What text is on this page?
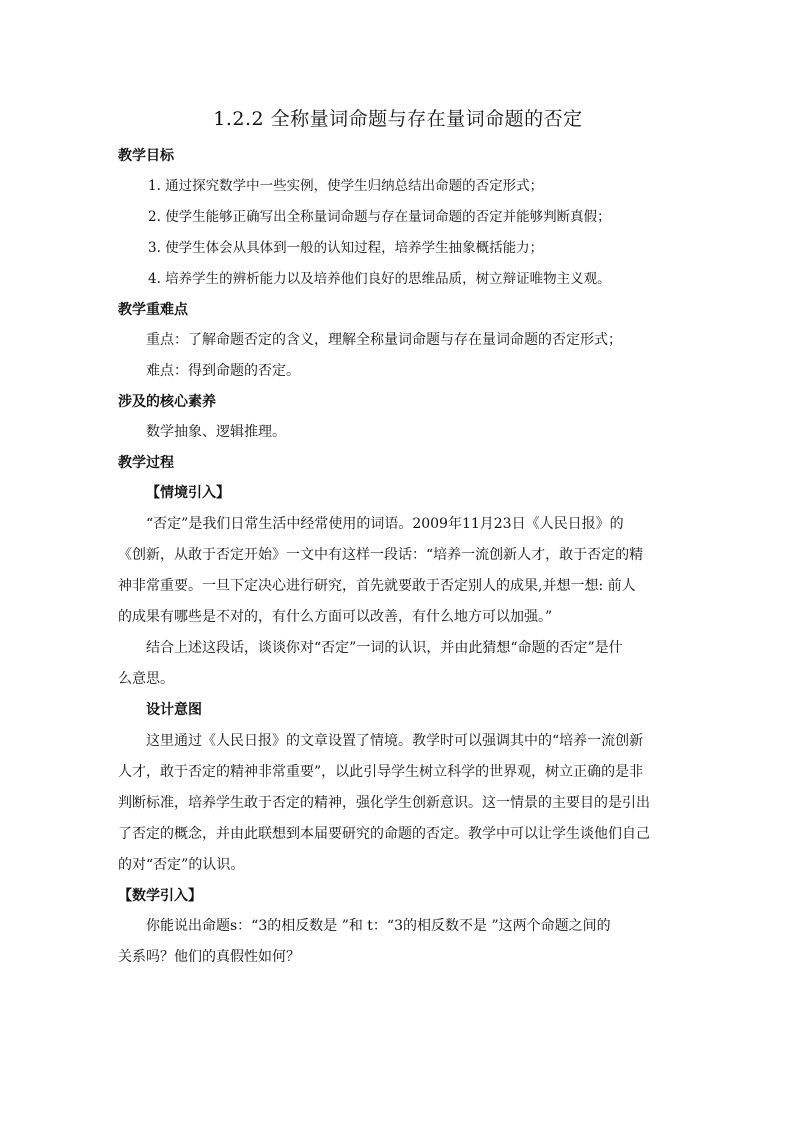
1.2.2 全称量词命题与存在量词命题的否定

教学目标

1. 通过探究数学中一些实例，使学生归纳总结出命题的否定形式；

2. 使学生能够正确写出全称量词命题与存在量词命题的否定并能够判断真假；

3. 使学生体会从具体到一般的认知过程，培养学生抽象概括能力；

4. 培养学生的辨析能力以及培养他们良好的思维品质，树立辩证唯物主义观。

教学重难点

重点：了解命题否定的含义，理解全称量词命题与存在量词命题的否定形式；

难点：得到命题的否定。

涉及的核心素养

数学抽象、逻辑推理。

教学过程

【情境引入】

“否定”是我们日常生活中经常使用的词语。2009年11月23日《人民日报》的

《创新，从敢于否定开始》一文中有这样一段话：“培养一流创新人才，敢于否定的精

神非常重要。一旦下定决心进行研究，首先就要敢于否定别人的成果,并想一想: 前人

的成果有哪些是不对的，有什么方面可以改善，有什么地方可以加强。”

结合上述这段话，谈谈你对“否定”一词的认识，并由此猜想“命题的否定”是什

么意思。

设计意图

这里通过《人民日报》的文章设置了情境。教学时可以强调其中的“培养一流创新

人才，敢于否定的精神非常重要”，以此引导学生树立科学的世界观，树立正确的是非

判断标准，培养学生敢于否定的精神，强化学生创新意识。这一情景的主要目的是引出

了否定的概念，并由此联想到本届要研究的命题的否定。教学中可以让学生谈他们自己

的对“否定”的认识。

【数学引入】

你能说出命题s：“3的相反数是 ”和 t：“3的相反数不是 ”这两个命题之间的

关系吗？他们的真假性如何？
